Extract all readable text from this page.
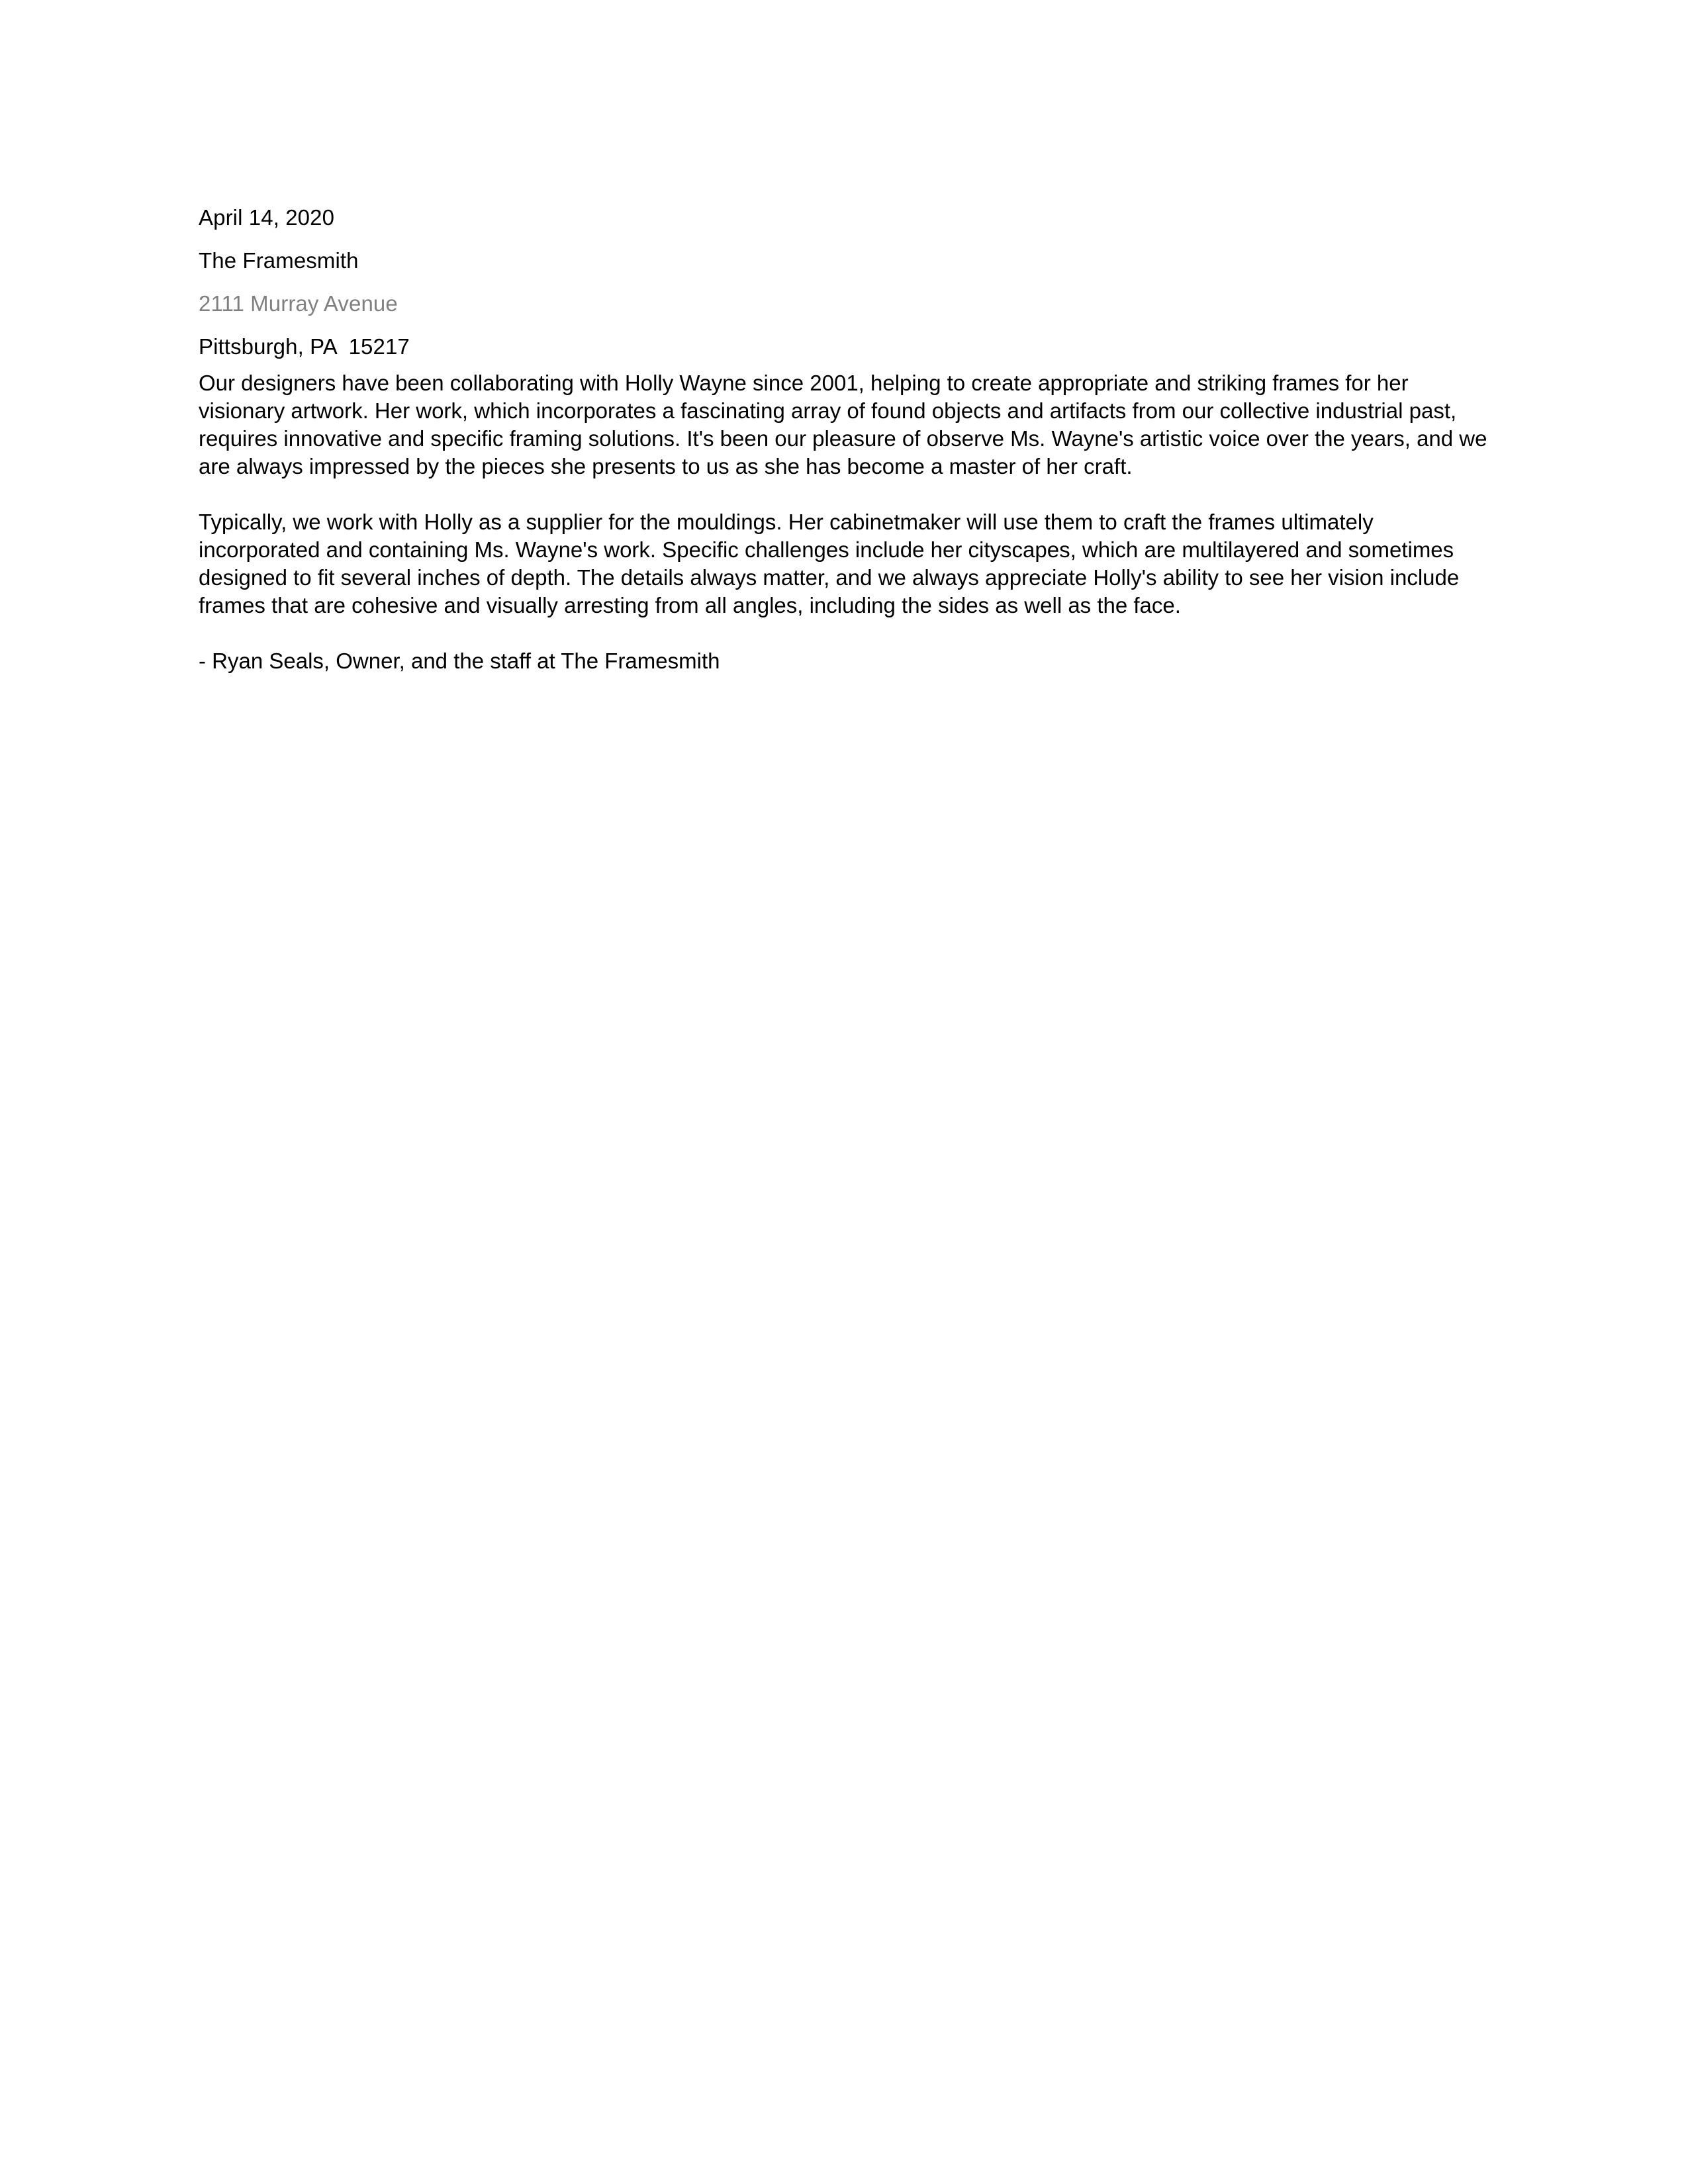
April 14, 2020
The Framesmith
2111 Murray Avenue
Pittsburgh, PA  15217

Our designers have been collaborating with Holly Wayne since 2001, helping to create appropriate and striking frames for her visionary artwork. Her work, which incorporates a fascinating array of found objects and artifacts from our collective industrial past, requires innovative and specific framing solutions. It's been our pleasure of observe Ms. Wayne's artistic voice over the years, and we are always impressed by the pieces she presents to us as she has become a master of her craft.

Typically, we work with Holly as a supplier for the mouldings. Her cabinetmaker will use them to craft the frames ultimately incorporated and containing Ms. Wayne's work. Specific challenges include her cityscapes, which are multilayered and sometimes designed to fit several inches of depth. The details always matter, and we always appreciate Holly's ability to see her vision include frames that are cohesive and visually arresting from all angles, including the sides as well as the face.

- Ryan Seals, Owner, and the staff at The Framesmith
